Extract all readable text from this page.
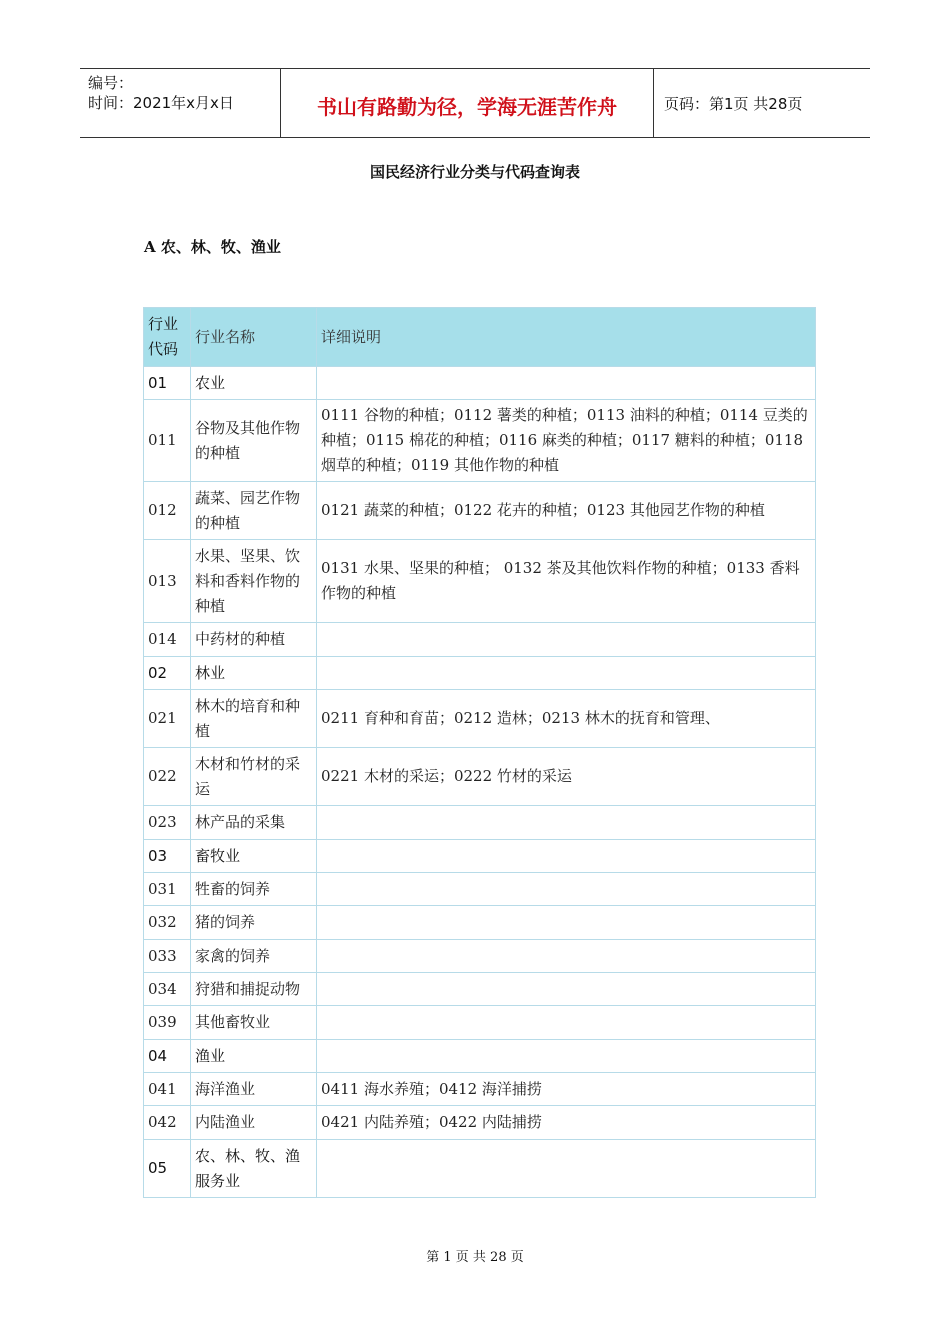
编号：
时间：2021年x月x日	书山有路勤为径，学海无涯苦作舟	页码：第1页 共28页
国民经济行业分类与代码查询表
A 农、林、牧、渔业
行业代码	行业名称	详细说明
01	农业	
011	谷物及其他作物的种植	0111 谷物的种植；0112 薯类的种植；0113 油料的种植；0114 豆类的种植；0115 棉花的种植；0116 麻类的种植；0117 糖料的种植；0118 烟草的种植；0119 其他作物的种植
012	蔬菜、园艺作物的种植	0121 蔬菜的种植；0122 花卉的种植；0123 其他园艺作物的种植
013	水果、坚果、饮料和香料作物的种植	0131 水果、坚果的种植； 0132 茶及其他饮料作物的种植；0133 香料作物的种植
014	中药材的种植	
02	林业	
021	林木的培育和种植	0211 育种和育苗；0212 造林；0213 林木的抚育和管理、
022	木材和竹材的采运	0221 木材的采运；0222 竹材的采运
023	林产品的采集	
03	畜牧业	
031	牲畜的饲养	
032	猪的饲养	
033	家禽的饲养	
034	狩猎和捕捉动物	
039	其他畜牧业	
04	渔业	
041	海洋渔业	0411 海水养殖；0412 海洋捕捞
042	内陆渔业	0421 内陆养殖；0422 内陆捕捞
05	农、林、牧、渔服务业	
第 1 页 共 28 页
